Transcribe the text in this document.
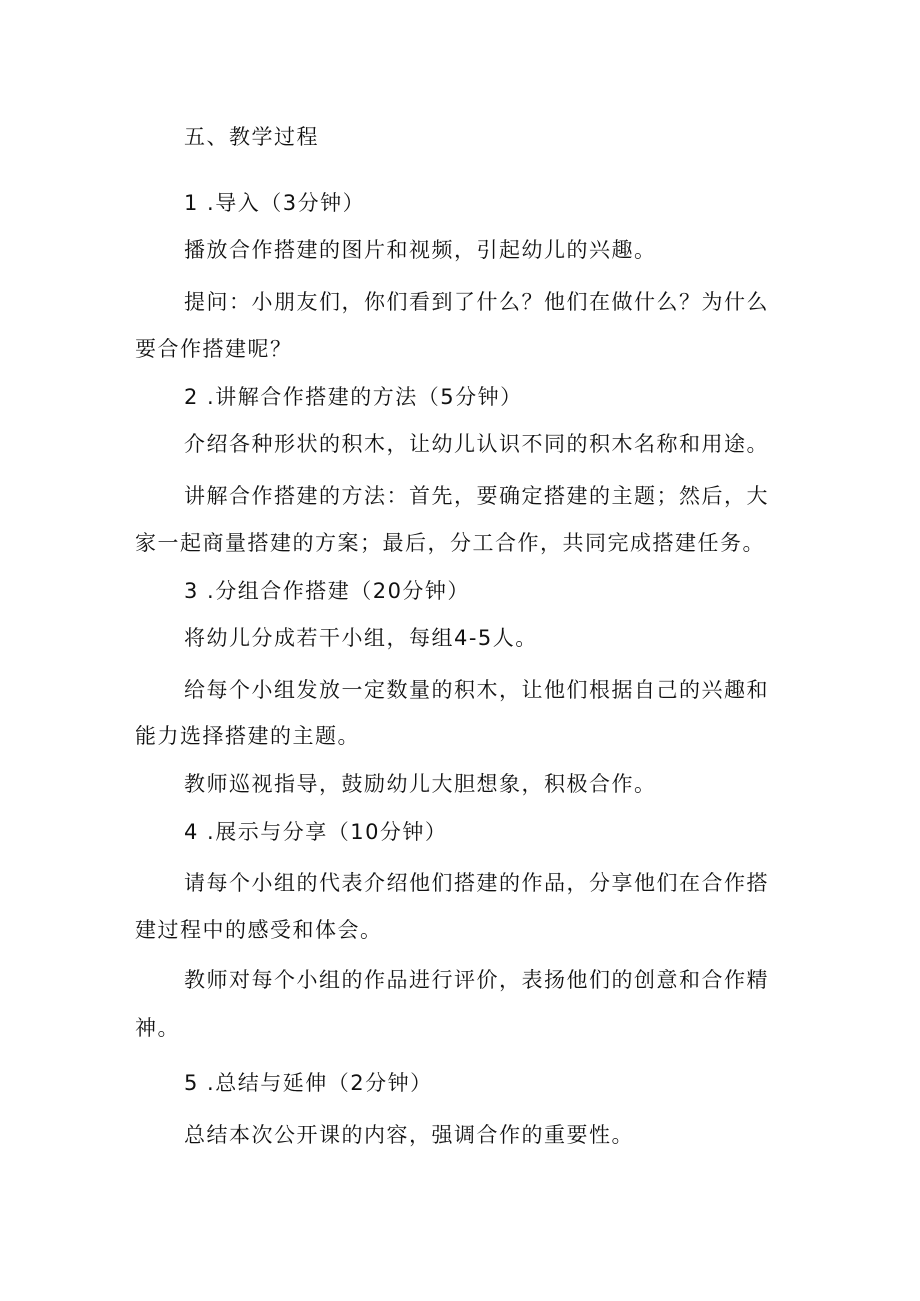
五、教学过程
1 .导入（3分钟）
播放合作搭建的图片和视频，引起幼儿的兴趣。
提问：小朋友们，你们看到了什么？他们在做什么？为什么
要合作搭建呢？
2 .讲解合作搭建的方法（5分钟）
介绍各种形状的积木，让幼儿认识不同的积木名称和用途。
讲解合作搭建的方法：首先，要确定搭建的主题；然后，大
家一起商量搭建的方案；最后，分工合作，共同完成搭建任务。
3 .分组合作搭建（20分钟）
将幼儿分成若干小组，每组4-5人。
给每个小组发放一定数量的积木，让他们根据自己的兴趣和
能力选择搭建的主题。
教师巡视指导，鼓励幼儿大胆想象，积极合作。
4 .展示与分享（10分钟）
请每个小组的代表介绍他们搭建的作品，分享他们在合作搭
建过程中的感受和体会。
教师对每个小组的作品进行评价，表扬他们的创意和合作精
神。
5 .总结与延伸（2分钟）
总结本次公开课的内容，强调合作的重要性。
